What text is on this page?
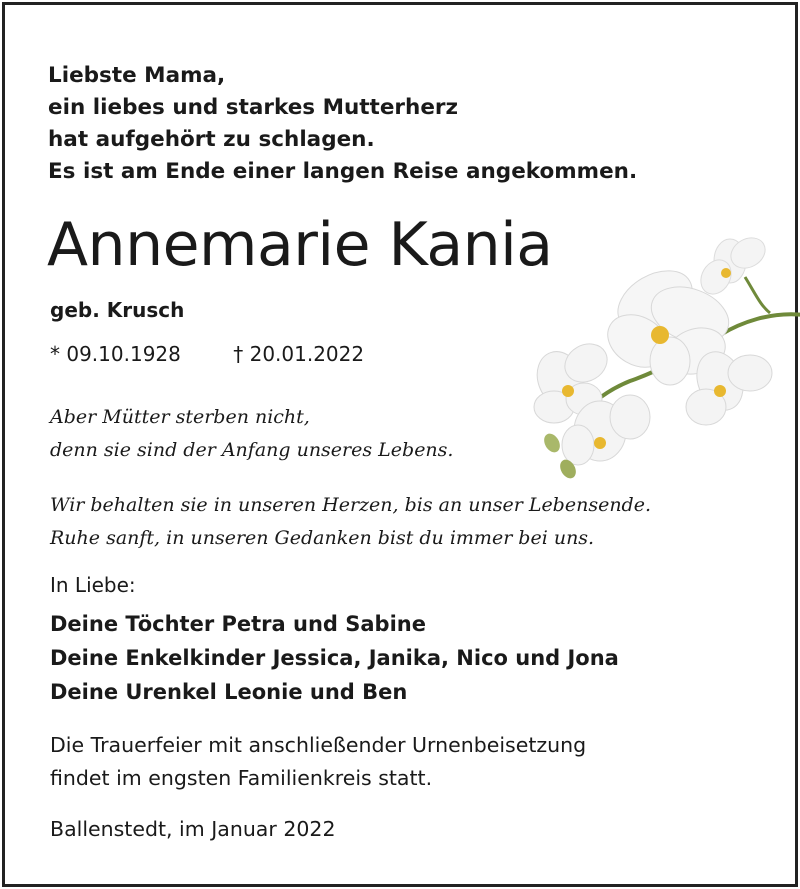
Liebste Mama,
ein liebes und starkes Mutterherz
hat aufgehört zu schlagen.
Es ist am Ende einer langen Reise angekommen.
Annemarie Kania
geb. Krusch
* 09.10.1928	† 20.01.2022
Aber Mütter sterben nicht,
denn sie sind der Anfang unseres Lebens.
Wir behalten sie in unseren Herzen, bis an unser Lebensende.
Ruhe sanft, in unseren Gedanken bist du immer bei uns.
In Liebe:
Deine Töchter Petra und Sabine
Deine Enkelkinder Jessica, Janika, Nico und Jona
Deine Urenkel Leonie und Ben
Die Trauerfeier mit anschließender Urnenbeisetzung
findet im engsten Familienkreis statt.
Ballenstedt, im Januar 2022
